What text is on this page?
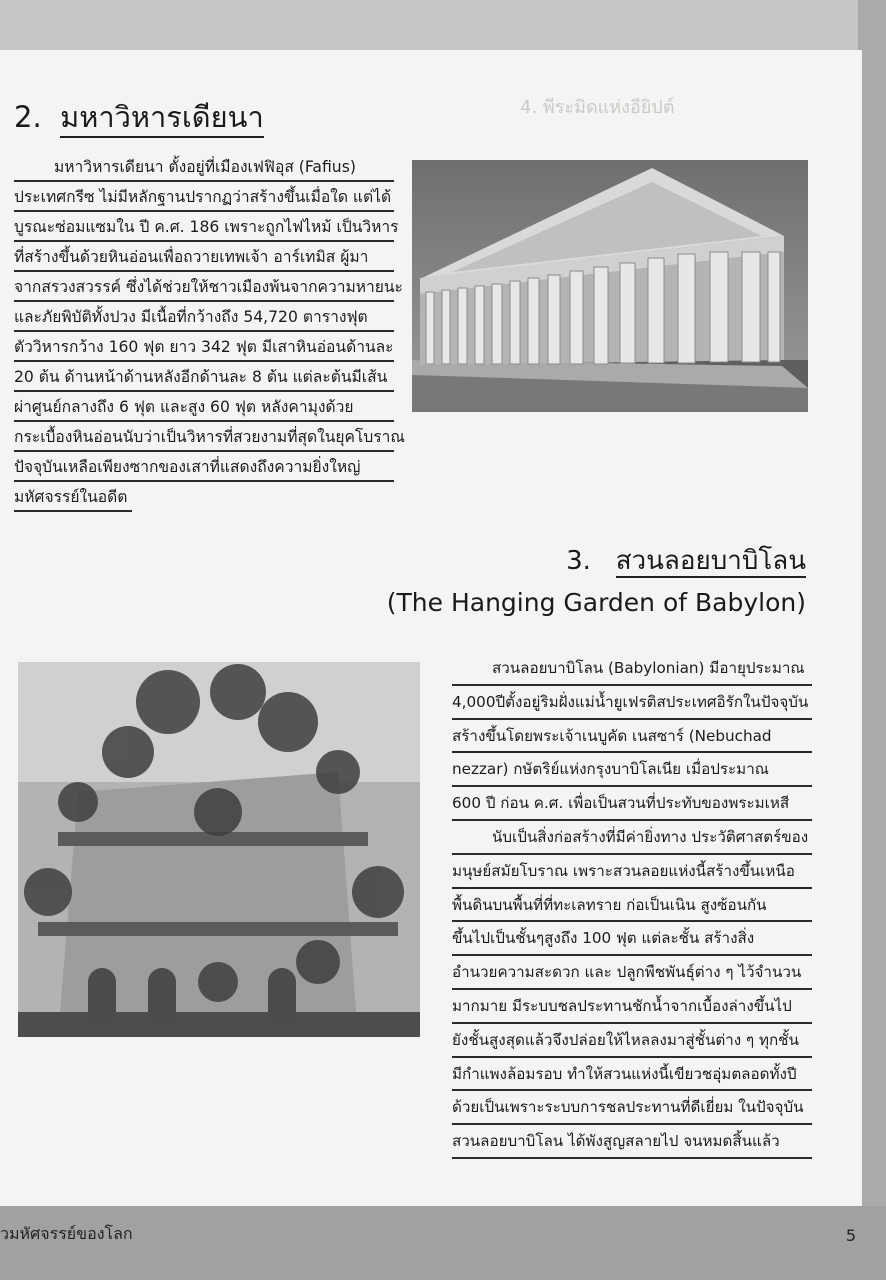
4. พีระมิดแห่งอียิปต์
2. มหาวิหารเดียนา
มหาวิหารเดียนา ตั้งอยู่ที่เมืองเฟฟิอุส (Fafius)
ประเทศกรีซ ไม่มีหลักฐานปรากฏว่าสร้างขึ้นเมื่อใด แต่ได้
บูรณะซ่อมแซมใน ปี ค.ศ. 186 เพราะถูกไฟไหม้ เป็นวิหาร
ที่สร้างขึ้นด้วยหินอ่อนเพื่อถวายเทพเจ้า อาร์เทมิส ผู้มา
จากสรวงสวรรค์ ซึ่งได้ช่วยให้ชาวเมืองพ้นจากความหายนะ
และภัยพิบัติทั้งปวง มีเนื้อที่กว้างถึง 54,720 ตารางฟุต
ตัววิหารกว้าง 160 ฟุต ยาว 342 ฟุต มีเสาหินอ่อนด้านละ
20 ต้น ด้านหน้าด้านหลังอีกด้านละ 8 ต้น แต่ละต้นมีเส้น
ผ่าศูนย์กลางถึง 6 ฟุต และสูง 60 ฟุต หลังคามุงด้วย
กระเบื้องหินอ่อนนับว่าเป็นวิหารที่สวยงามที่สุดในยุคโบราณ
ปัจจุบันเหลือเพียงซากของเสาที่แสดงถึงความยิ่งใหญ่
มหัศจรรย์ในอดีต
3. สวนลอยบาบิโลน
(The Hanging Garden of Babylon)
สวนลอยบาบิโลน (Babylonian) มีอายุประมาณ
4,000ปีตั้งอยู่ริมฝั่งแม่น้ำยูเฟรติสประเทศอิรักในปัจจุบัน
สร้างขึ้นโดยพระเจ้าเนบูคัด เนสซาร์ (Nebuchad
nezzar) กษัตริย์แห่งกรุงบาบิโลเนีย เมื่อประมาณ
600 ปี ก่อน ค.ศ. เพื่อเป็นสวนที่ประทับของพระมเหสี
นับเป็นสิ่งก่อสร้างที่มีค่ายิ่งทาง ประวัติศาสตร์ของ
มนุษย์สมัยโบราณ เพราะสวนลอยแห่งนี้สร้างขึ้นเหนือ
พื้นดินบนพื้นที่ที่ทะเลทราย ก่อเป็นเนิน สูงซ้อนกัน
ขึ้นไปเป็นชั้นๆสูงถึง 100 ฟุต แต่ละชั้น สร้างสิ่ง
อำนวยความสะดวก และ ปลูกพืชพันธุ์ต่าง ๆ ไว้จำนวน
มากมาย มีระบบชลประทานชักน้ำจากเบื้องล่างขึ้นไป
ยังชั้นสูงสุดแล้วจึงปล่อยให้ไหลลงมาสู่ชั้นต่าง ๆ ทุกชั้น
มีกำแพงล้อมรอบ ทำให้สวนแห่งนี้เขียวชอุ่มตลอดทั้งปี
ด้วยเป็นเพราะระบบการชลประทานที่ดีเยี่ยม ในปัจจุบัน
สวนลอยบาบิโลน ได้พังสูญสลายไป จนหมดสิ้นแล้ว
วมหัศจรรย์ของโลก	5
